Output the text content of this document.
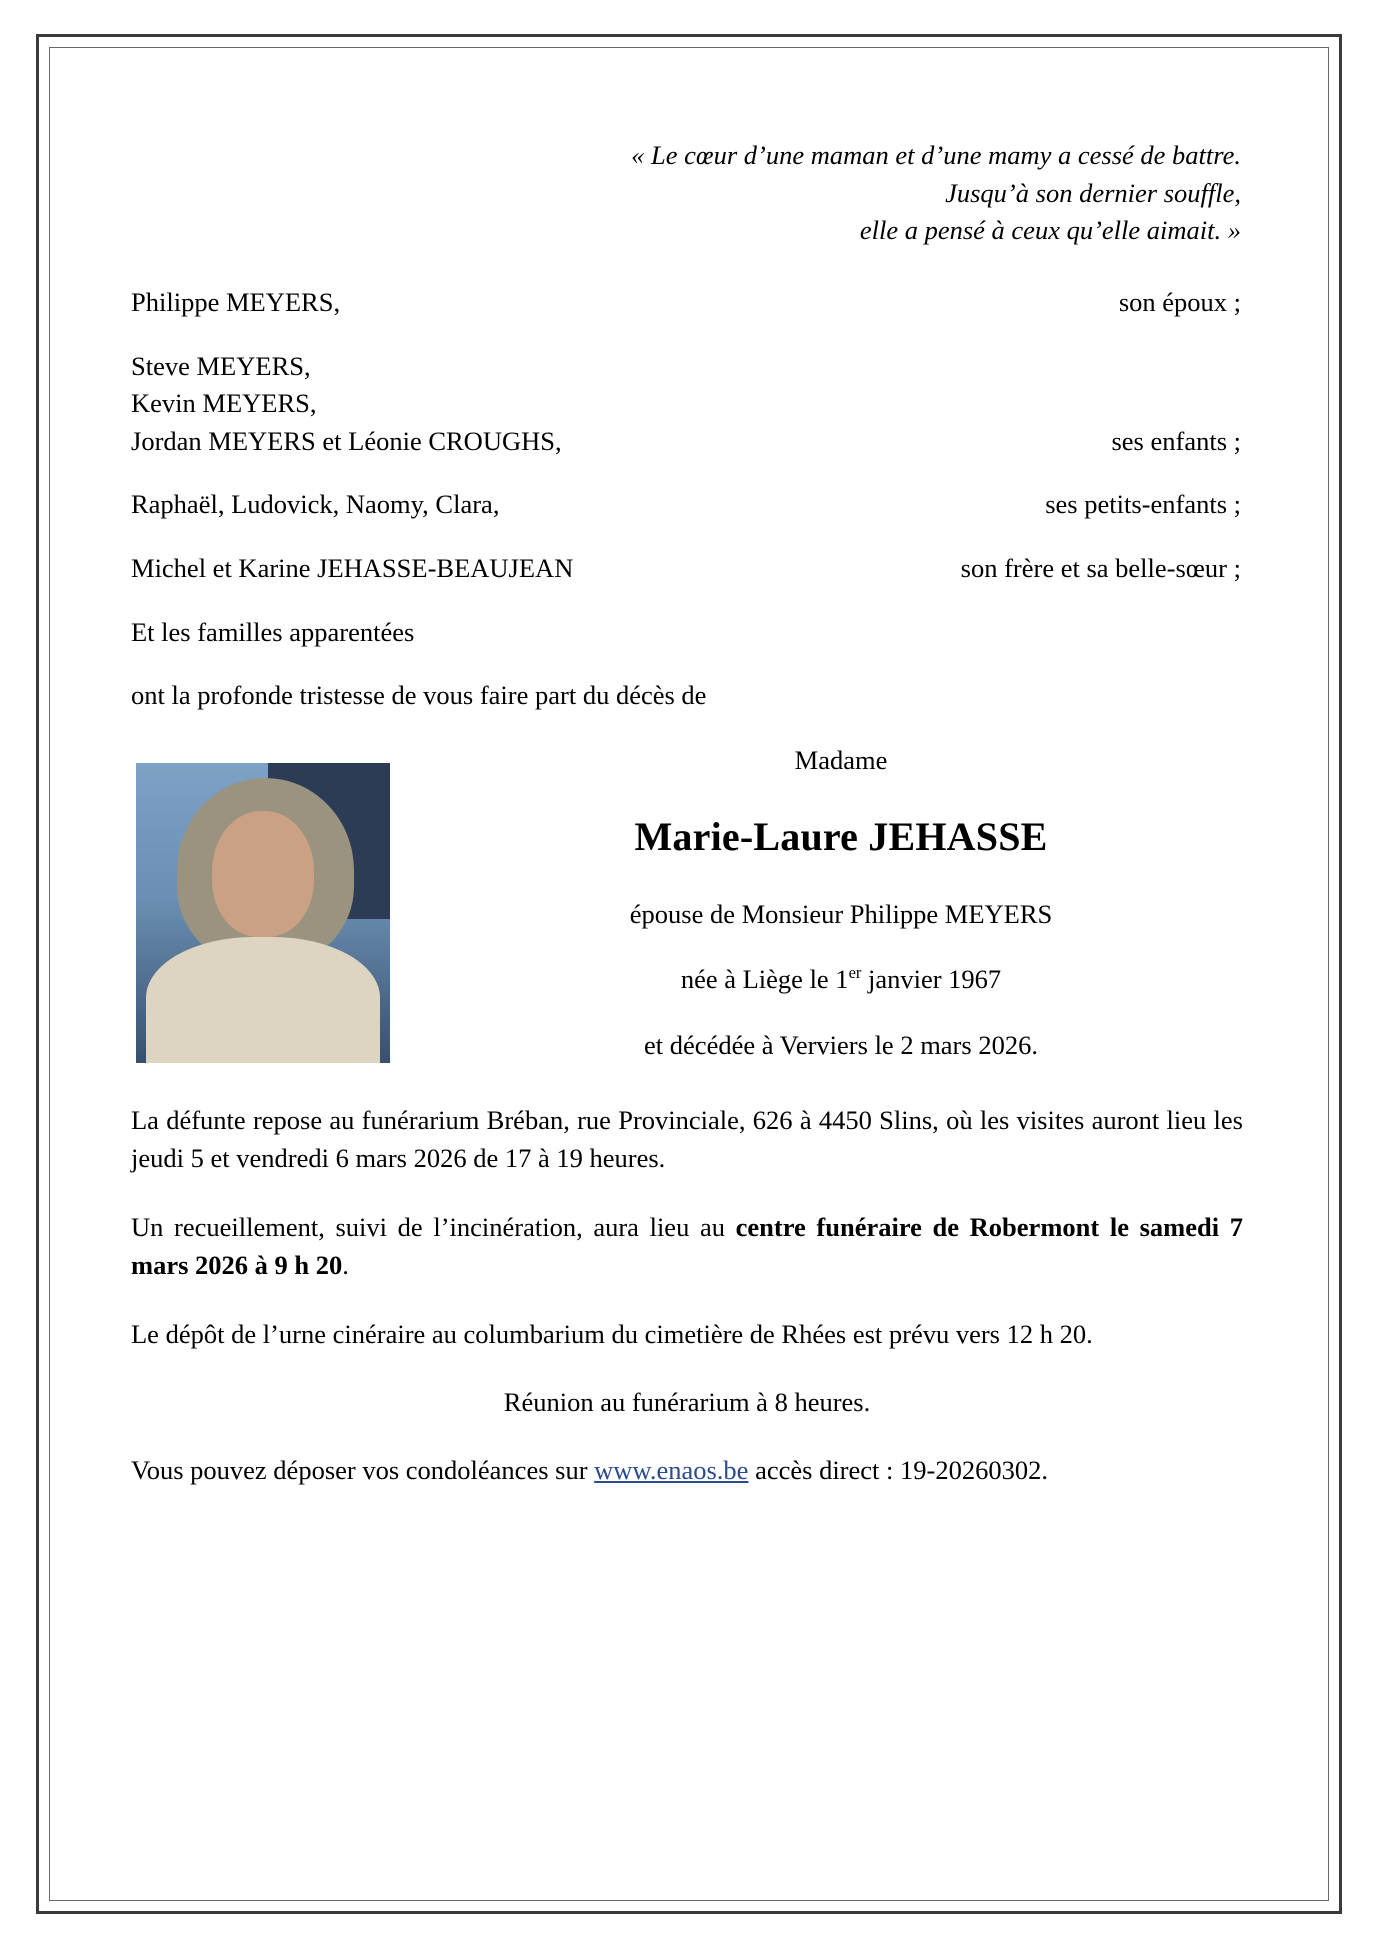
« Le cœur d’une maman et d’une mamy a cessé de battre.
Jusqu’à son dernier souffle,
elle a pensé à ceux qu’elle aimait. »
Philippe MEYERS,	son époux ;
Steve MEYERS,
Kevin MEYERS,
Jordan MEYERS et Léonie CROUGHS,	ses enfants ;
Raphaël, Ludovick, Naomy, Clara,	ses petits-enfants ;
Michel et Karine JEHASSE-BEAUJEAN	son frère et sa belle-sœur ;
Et les familles apparentées
ont la profonde tristesse de vous faire part du décès de
Madame
Marie-Laure JEHASSE
épouse de Monsieur Philippe MEYERS
née à Liège le 1er janvier 1967
et décédée à Verviers le 2 mars 2026.
La défunte repose au funérarium Bréban, rue Provinciale, 626 à 4450 Slins, où les visites auront lieu les jeudi 5 et vendredi 6 mars 2026 de 17 à 19 heures.
Un recueillement, suivi de l’incinération, aura lieu au centre funéraire de Robermont le samedi 7 mars 2026 à 9 h 20.
Le dépôt de l’urne cinéraire au columbarium du cimetière de Rhées est prévu vers 12 h 20.
Réunion au funérarium à 8 heures.
Vous pouvez déposer vos condoléances sur www.enaos.be accès direct : 19-20260302.
